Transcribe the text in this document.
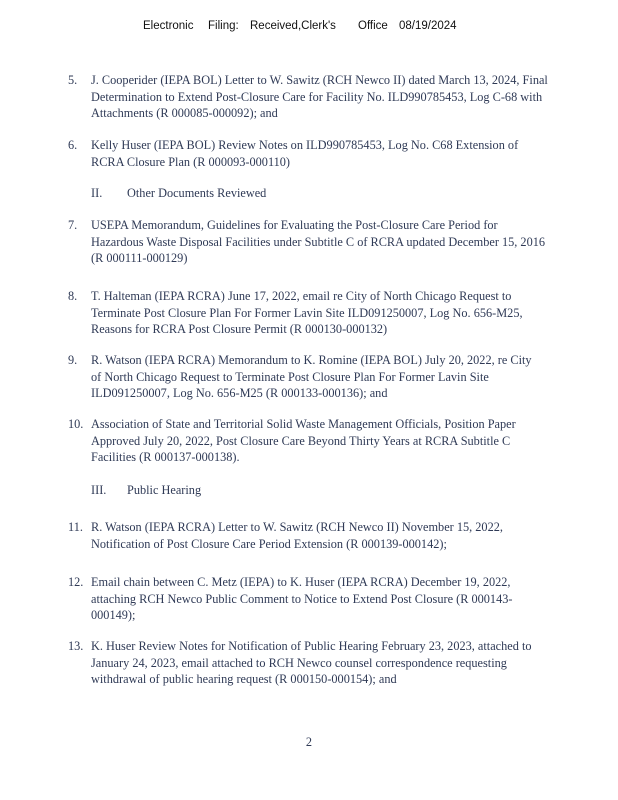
Electronic Filing: Received,Clerk's Office 08/19/2024
5. J. Cooperider (IEPA BOL) Letter to W. Sawitz (RCH Newco II) dated March 13, 2024, Final
Determination to Extend Post-Closure Care for Facility No. ILD990785453, Log C-68 with
Attachments (R 000085-000092); and
6. Kelly Huser (IEPA BOL) Review Notes on ILD990785453, Log No. C68 Extension of
RCRA Closure Plan (R 000093-000110)
II. Other Documents Reviewed
7. USEPA Memorandum, Guidelines for Evaluating the Post-Closure Care Period for
Hazardous Waste Disposal Facilities under Subtitle C of RCRA updated December 15, 2016
(R 000111-000129)
8. T. Halteman (IEPA RCRA) June 17, 2022, email re City of North Chicago Request to
Terminate Post Closure Plan For Former Lavin Site ILD091250007, Log No. 656-M25,
Reasons for RCRA Post Closure Permit (R 000130-000132)
9. R. Watson (IEPA RCRA) Memorandum to K. Romine (IEPA BOL) July 20, 2022, re City
of North Chicago Request to Terminate Post Closure Plan For Former Lavin Site
ILD091250007, Log No. 656-M25 (R 000133-000136); and
10. Association of State and Territorial Solid Waste Management Officials, Position Paper
Approved July 20, 2022, Post Closure Care Beyond Thirty Years at RCRA Subtitle C
Facilities (R 000137-000138).
III. Public Hearing
11. R. Watson (IEPA RCRA) Letter to W. Sawitz (RCH Newco II) November 15, 2022,
Notification of Post Closure Care Period Extension (R 000139-000142);
12. Email chain between C. Metz (IEPA) to K. Huser (IEPA RCRA) December 19, 2022,
attaching RCH Newco Public Comment to Notice to Extend Post Closure (R 000143-
000149);
13. K. Huser Review Notes for Notification of Public Hearing February 23, 2023, attached to
January 24, 2023, email attached to RCH Newco counsel correspondence requesting
withdrawal of public hearing request (R 000150-000154); and
2
